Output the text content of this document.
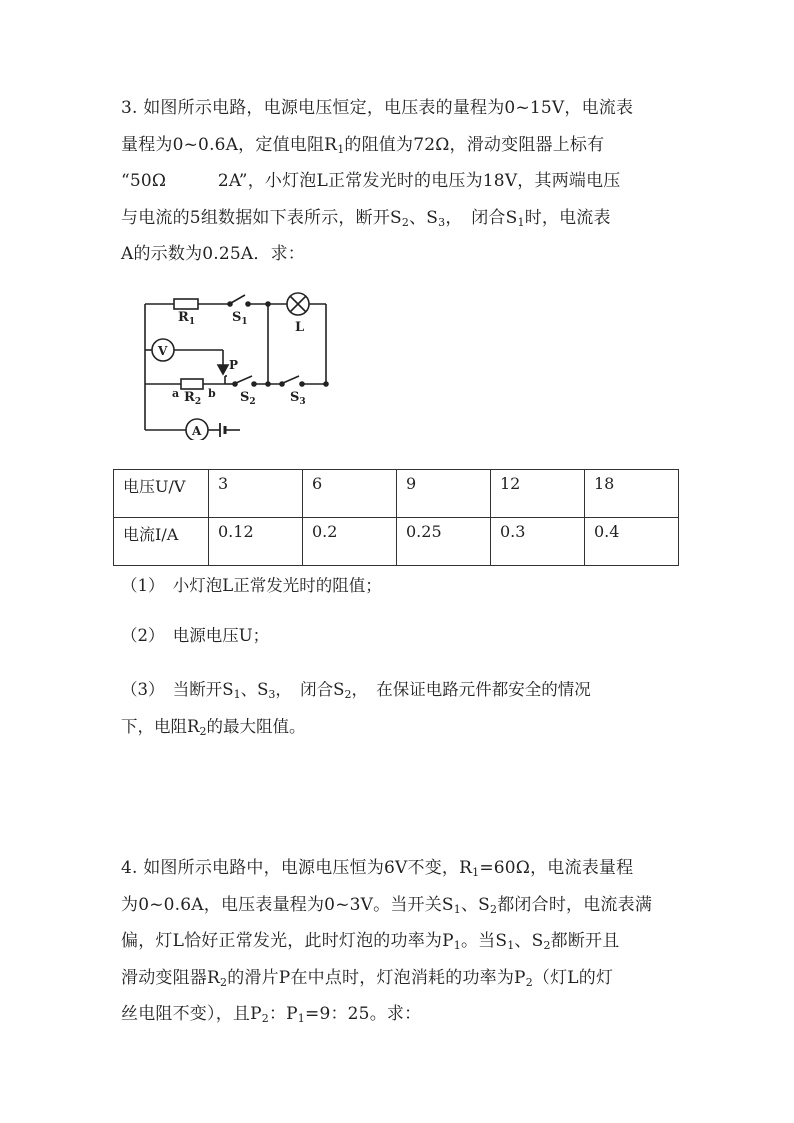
3. 如图所示电路，电源电压恒定，电压表的量程为0~15V，电流表
量程为0~0.6A，定值电阻$R_1$的阻值为72Ω，滑动变阻器上标有
“50Ω　　　2A”，小灯泡L正常发光时的电压为18V，其两端电压
与电流的5组数据如下表所示，断开$S_2$、$S_3$，　闭合$S_1$时，电流表
A的示数为0.25A．求：
$R_1$	$S_1$	L
V
P
a $R_2$
b $S_2$	$S_3$
A
电压U/V	3	6	9	12	18
电流I/A	0.12	0.2	0.25	0.3	0.4
（1）　小灯泡L正常发光时的阻值；
（2）　电源电压U；
（3）　当断开$S_1$、$S_3$，　闭合$S_2$，　在保证电路元件都安全的情况
下，电阻$R_2$的最大阻值。
4. 如图所示电路中，电源电压恒为6V不变，$R_1=60\Omega$，电流表量程
为0~0.6A，电压表量程为0~3V。当开关$S_1$、$S_2$都闭合时，电流表满
偏，灯L恰好正常发光，此时灯泡的功率为$P_1$。当$S_1$、$S_2$都断开且
滑动变阻器$R_2$的滑片P在中点时，灯泡消耗的功率为$P_2$（灯L的灯
丝电阻不变），且$P_2$：$P_1=9$：25。求：
